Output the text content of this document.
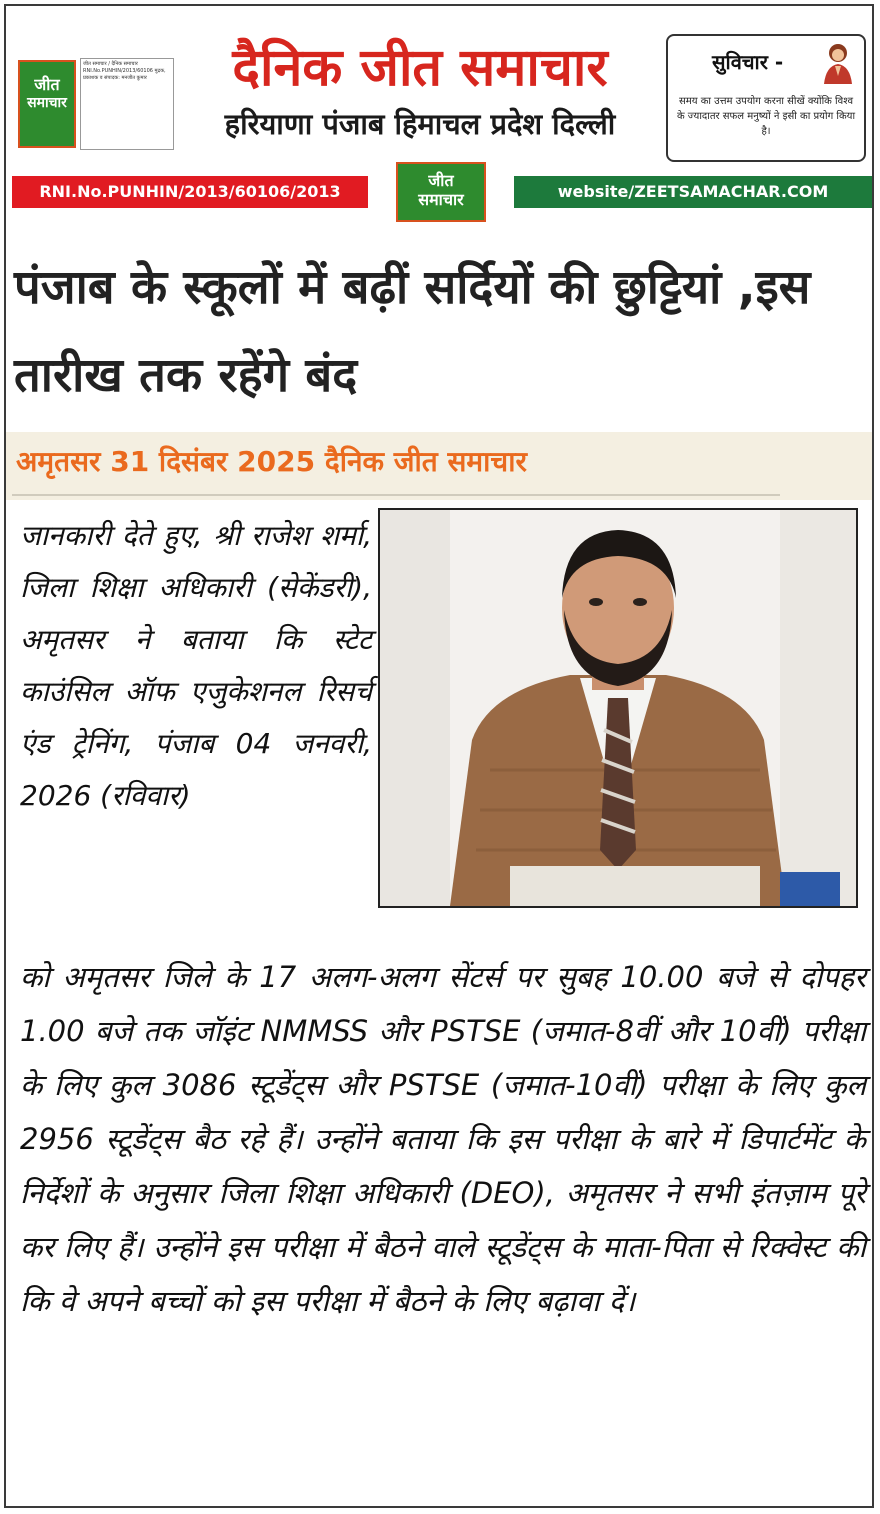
जीत
समाचार
जीत समाचार / दैनिक समाचार RNI.No.PUNHIN/2013/60106 मुद्रक, प्रकाशक व संपादक: मनजीत कुमार	दैनिक जीत समाचार
हरियाणा पंजाब हिमाचल प्रदेश दिल्ली
सुविचार -
समय का उत्तम उपयोग करना सीखें क्योंकि विश्व के ज्यादातर सफल मनुष्यों ने इसी का प्रयोग किया है।
RNI.No.PUNHIN/2013/60106/2013
जीत
समाचार	website/ZEETSAMACHAR.COM
पंजाब के स्कूलों में बढ़ीं सर्दियों की छुट्टियां ,इस तारीख तक रहेंगे बंद
अमृतसर 31 दिसंबर 2025 दैनिक जीत समाचार
जानकारी देते हुए, श्री राजेश शर्मा, जिला शिक्षा अधिकारी (सेकेंडरी), अमृतसर ने बताया कि स्टेट काउंसिल ऑफ एजुकेशनल रिसर्च एंड ट्रेनिंग, पंजाब 04 जनवरी, 2026 (रविवार)
को अमृतसर जिले के 17 अलग-अलग सेंटर्स पर सुबह 10.00 बजे से दोपहर 1.00 बजे तक जॉइंट NMMSS और PSTSE (जमात-8वीं और 10वीं) परीक्षा के लिए कुल 3086 स्टूडेंट्स और PSTSE (जमात-10वीं) परीक्षा के लिए कुल 2956 स्टूडेंट्स बैठ रहे हैं। उन्होंने बताया कि इस परीक्षा के बारे में डिपार्टमेंट के निर्देशों के अनुसार जिला शिक्षा अधिकारी (DEO), अमृतसर ने सभी इंतज़ाम पूरे कर लिए हैं। उन्होंने इस परीक्षा में बैठने वाले स्टूडेंट्स के माता-पिता से रिक्वेस्ट की कि वे अपने बच्चों को इस परीक्षा में बैठने के लिए बढ़ावा दें।
